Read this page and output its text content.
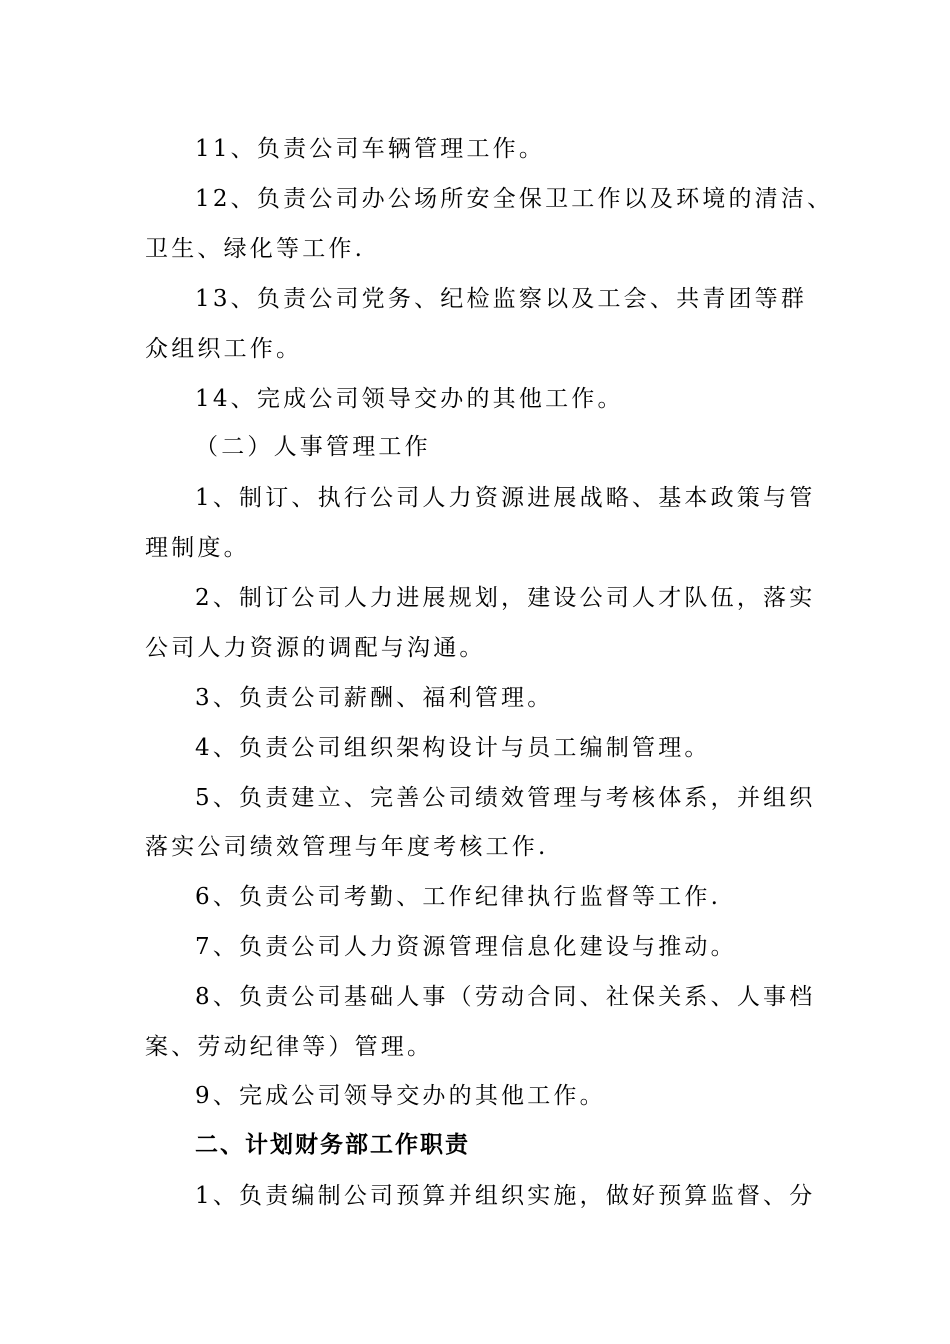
11、负责公司车辆管理工作。
12、负责公司办公场所安全保卫工作以及环境的清洁、
卫生、绿化等工作.
13、负责公司党务、纪检监察以及工会、共青团等群
众组织工作。
14、完成公司领导交办的其他工作。
（二）人事管理工作
1、制订、执行公司人力资源进展战略、基本政策与管
理制度。
2、制订公司人力进展规划，建设公司人才队伍，落实
公司人力资源的调配与沟通。
3、负责公司薪酬、福利管理。
4、负责公司组织架构设计与员工编制管理。
5、负责建立、完善公司绩效管理与考核体系，并组织
落实公司绩效管理与年度考核工作.
6、负责公司考勤、工作纪律执行监督等工作.
7、负责公司人力资源管理信息化建设与推动。
8、负责公司基础人事（劳动合同、社保关系、人事档
案、劳动纪律等）管理。
9、完成公司领导交办的其他工作。
二、计划财务部工作职责
1、负责编制公司预算并组织实施，做好预算监督、分
